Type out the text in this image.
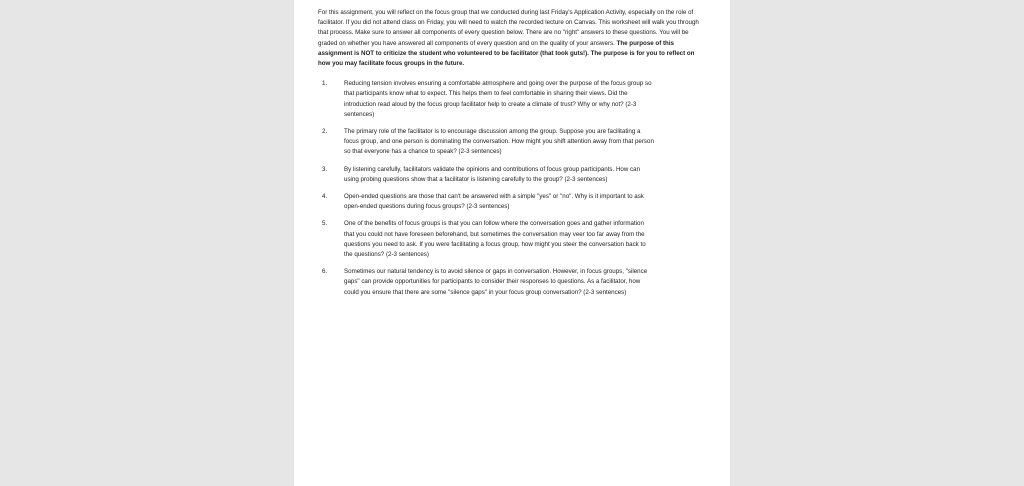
For this assignment, you will reflect on the focus group that we conducted during last Friday's Application Activity, especially on the role of facilitator. If you did not attend class on Friday, you will need to watch the recorded lecture on Canvas. This worksheet will walk you through that process. Make sure to answer all components of every question below. There are no "right" answers to these questions. You will be graded on whether you have answered all components of every question and on the quality of your answers. The purpose of this assignment is NOT to criticize the student who volunteered to be facilitator (that took guts!). The purpose is for you to reflect on how you may facilitate focus groups in the future.

1.	Reducing tension involves ensuring a comfortable atmosphere and going over the purpose of the focus group so that participants know what to expect. This helps them to feel comfortable in sharing their views. Did the introduction read aloud by the focus group facilitator help to create a climate of trust? Why or why not? (2-3 sentences)
2.	The primary role of the facilitator is to encourage discussion among the group. Suppose you are facilitating a focus group, and one person is dominating the conversation. How might you shift attention away from that person so that everyone has a chance to speak? (2-3 sentences)
3.	By listening carefully, facilitators validate the opinions and contributions of focus group participants. How can using probing questions show that a facilitator is listening carefully to the group? (2-3 sentences)
4.	Open-ended questions are those that can't be answered with a simple "yes" or "no". Why is it important to ask open-ended questions during focus groups? (2-3 sentences)
5.	One of the benefits of focus groups is that you can follow where the conversation goes and gather information that you could not have foreseen beforehand, but sometimes the conversation may veer too far away from the questions you need to ask. If you were facilitating a focus group, how might you steer the conversation back to the questions? (2-3 sentences)
6.	Sometimes our natural tendency is to avoid silence or gaps in conversation. However, in focus groups, "silence gaps" can provide opportunities for participants to consider their responses to questions. As a facilitator, how could you ensure that there are some "silence gaps" in your focus group conversation? (2-3 sentences)
